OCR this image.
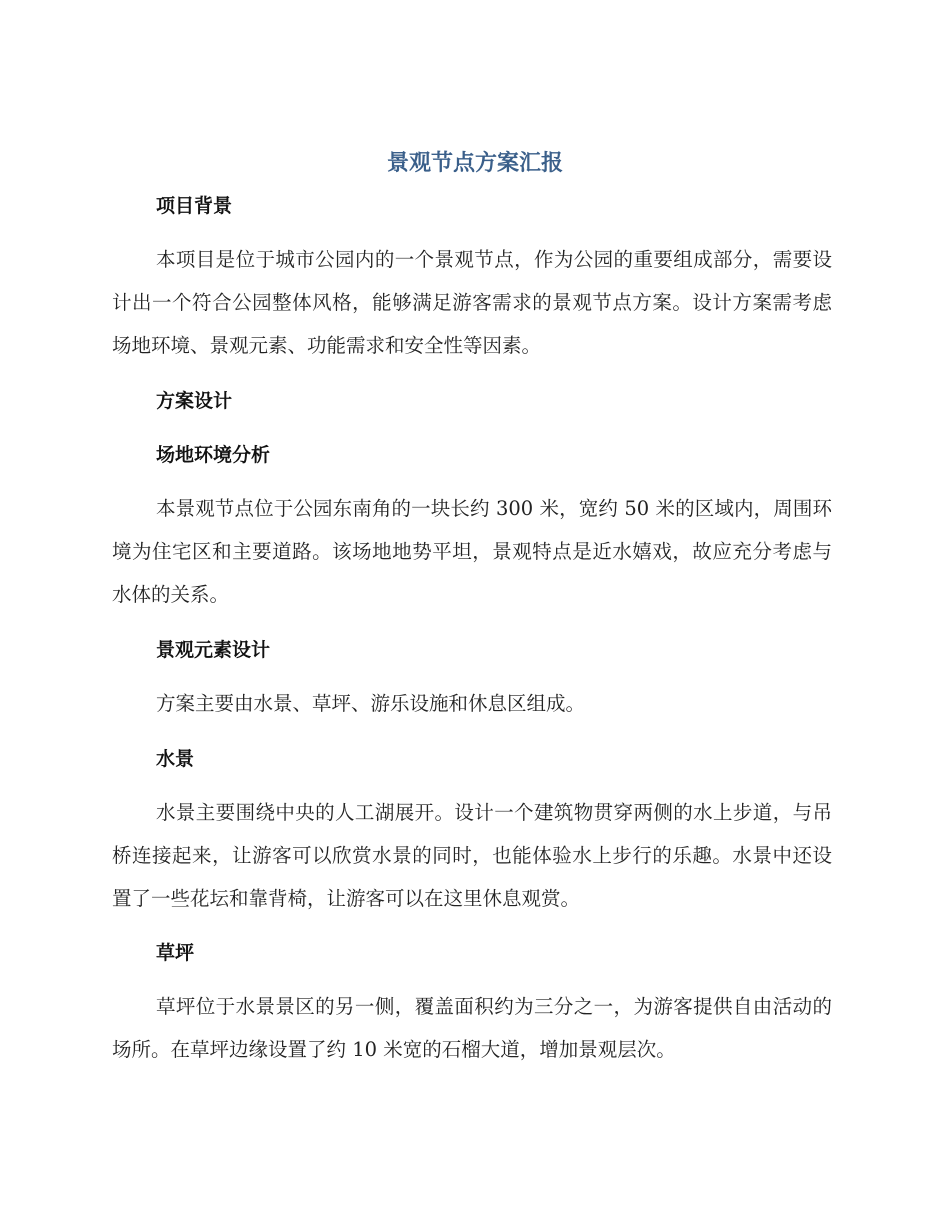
景观节点方案汇报
项目背景

本项目是位于城市公园内的一个景观节点，作为公园的重要组成部分，需要设计出一个符合公园整体风格，能够满足游客需求的景观节点方案。设计方案需考虑场地环境、景观元素、功能需求和安全性等因素。

方案设计
场地环境分析

本景观节点位于公园东南角的一块长约 300 米，宽约 50 米的区域内，周围环境为住宅区和主要道路。该场地地势平坦，景观特点是近水嬉戏，故应充分考虑与水体的关系。

景观元素设计

方案主要由水景、草坪、游乐设施和休息区组成。

水景

水景主要围绕中央的人工湖展开。设计一个建筑物贯穿两侧的水上步道，与吊桥连接起来，让游客可以欣赏水景的同时，也能体验水上步行的乐趣。水景中还设置了一些花坛和靠背椅，让游客可以在这里休息观赏。

草坪

草坪位于水景景区的另一侧，覆盖面积约为三分之一，为游客提供自由活动的场所。在草坪边缘设置了约 10 米宽的石榴大道，增加景观层次。
